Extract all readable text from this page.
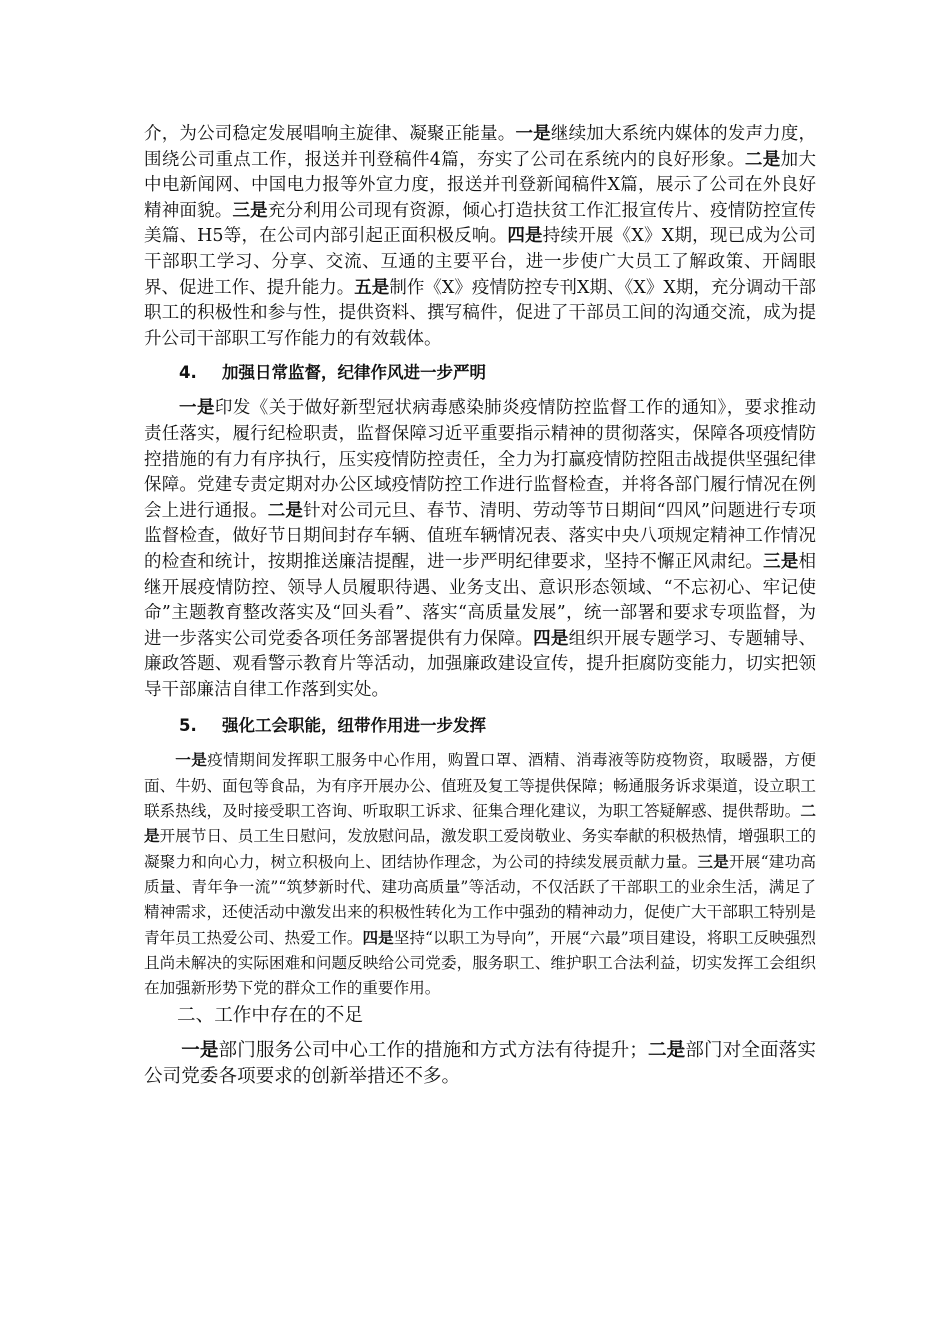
介，为公司稳定发展唱响主旋律、凝聚正能量。一是继续加大系统内媒体的发声力度，围绕公司重点工作，报送并刊登稿件4篇，夯实了公司在系统内的良好形象。二是加大中电新闻网、中国电力报等外宣力度，报送并刊登新闻稿件X篇，展示了公司在外良好精神面貌。三是充分利用公司现有资源，倾心打造扶贫工作汇报宣传片、疫情防控宣传美篇、H5等，在公司内部引起正面积极反响。四是持续开展《X》X期，现已成为公司干部职工学习、分享、交流、互通的主要平台，进一步使广大员工了解政策、开阔眼界、促进工作、提升能力。五是制作《X》疫情防控专刊X期、《X》X期，充分调动干部职工的积极性和参与性，提供资料、撰写稿件，促进了干部员工间的沟通交流，成为提升公司干部职工写作能力的有效载体。

4. 加强日常监督，纪律作风进一步严明

一是印发《关于做好新型冠状病毒感染肺炎疫情防控监督工作的通知》，要求推动责任落实，履行纪检职责，监督保障习近平重要指示精神的贯彻落实，保障各项疫情防控措施的有力有序执行，压实疫情防控责任，全力为打赢疫情防控阻击战提供坚强纪律保障。党建专责定期对办公区域疫情防控工作进行监督检查，并将各部门履行情况在例会上进行通报。二是针对公司元旦、春节、清明、劳动等节日期间“四风”问题进行专项监督检查，做好节日期间封存车辆、值班车辆情况表、落实中央八项规定精神工作情况的检查和统计，按期推送廉洁提醒，进一步严明纪律要求，坚持不懈正风肃纪。三是相继开展疫情防控、领导人员履职待遇、业务支出、意识形态领域、“不忘初心、牢记使命”主题教育整改落实及“回头看”、落实“高质量发展”，统一部署和要求专项监督，为进一步落实公司党委各项任务部署提供有力保障。四是组织开展专题学习、专题辅导、廉政答题、观看警示教育片等活动，加强廉政建设宣传，提升拒腐防变能力，切实把领导干部廉洁自律工作落到实处。

5. 强化工会职能，纽带作用进一步发挥

一是疫情期间发挥职工服务中心作用，购置口罩、酒精、消毒液等防疫物资，取暖器，方便面、牛奶、面包等食品，为有序开展办公、值班及复工等提供保障；畅通服务诉求渠道，设立职工联系热线，及时接受职工咨询、听取职工诉求、征集合理化建议，为职工答疑解惑、提供帮助。二是开展节日、员工生日慰问，发放慰问品，激发职工爱岗敬业、务实奉献的积极热情，增强职工的凝聚力和向心力，树立积极向上、团结协作理念，为公司的持续发展贡献力量。三是开展“建功高质量、青年争一流”“筑梦新时代、建功高质量”等活动，不仅活跃了干部职工的业余生活，满足了精神需求，还使活动中激发出来的积极性转化为工作中强劲的精神动力，促使广大干部职工特别是青年员工热爱公司、热爱工作。四是坚持“以职工为导向”，开展“六最”项目建设，将职工反映强烈且尚未解决的实际困难和问题反映给公司党委，服务职工、维护职工合法利益，切实发挥工会组织在加强新形势下党的群众工作的重要作用。

二、工作中存在的不足

一是部门服务公司中心工作的措施和方式方法有待提升；二是部门对全面落实公司党委各项要求的创新举措还不多。
